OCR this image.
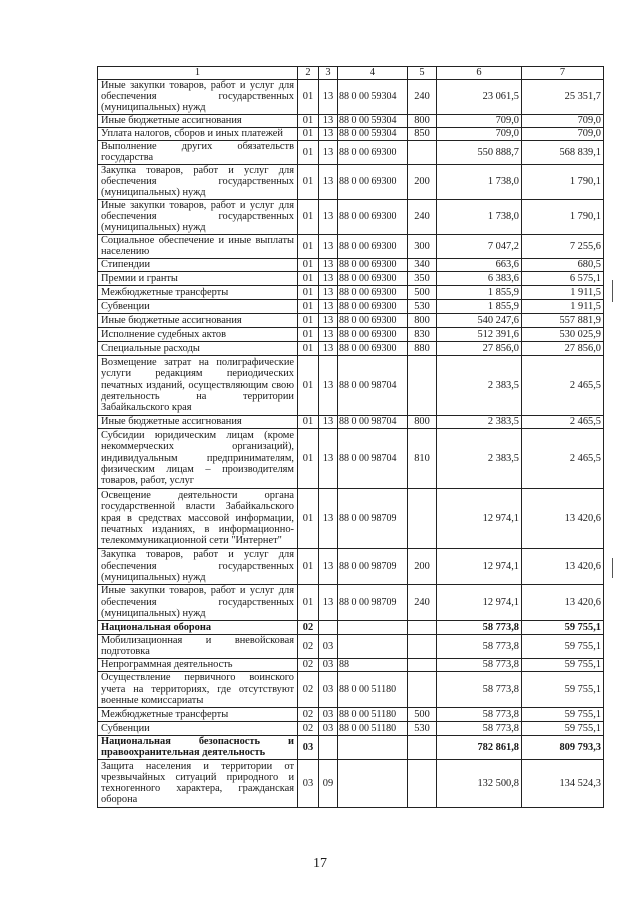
1	2	3	4	5	6	7
Иные закупки товаров, работ и услуг для обеспечения государственных (муниципальных) нужд	01	13	88 0 00 59304	240	23 061,5	25 351,7
Иные бюджетные ассигнования	01	13	88 0 00 59304	800	709,0	709,0
Уплата налогов, сборов и иных платежей	01	13	88 0 00 59304	850	709,0	709,0
Выполнение других обязательств государства	01	13	88 0 00 69300		550 888,7	568 839,1
Закупка товаров, работ и услуг для обеспечения государственных (муниципальных) нужд	01	13	88 0 00 69300	200	1 738,0	1 790,1
Иные закупки товаров, работ и услуг для обеспечения государственных (муниципальных) нужд	01	13	88 0 00 69300	240	1 738,0	1 790,1
Социальное обеспечение и иные выплаты населению	01	13	88 0 00 69300	300	7 047,2	7 255,6
Стипендии	01	13	88 0 00 69300	340	663,6	680,5
Премии и гранты	01	13	88 0 00 69300	350	6 383,6	6 575,1
Межбюджетные трансферты	01	13	88 0 00 69300	500	1 855,9	1 911,5
Субвенции	01	13	88 0 00 69300	530	1 855,9	1 911,5
Иные бюджетные ассигнования	01	13	88 0 00 69300	800	540 247,6	557 881,9
Исполнение судебных актов	01	13	88 0 00 69300	830	512 391,6	530 025,9
Специальные расходы	01	13	88 0 00 69300	880	27 856,0	27 856,0
Возмещение затрат на полиграфические услуги редакциям периодических печатных изданий, осуществляющим свою деятельность на территории Забайкальского края	01	13	88 0 00 98704		2 383,5	2 465,5
Иные бюджетные ассигнования	01	13	88 0 00 98704	800	2 383,5	2 465,5
Субсидии юридическим лицам (кроме некоммерческих организаций), индивидуальным предпринимателям, физическим лицам – производителям товаров, работ, услуг	01	13	88 0 00 98704	810	2 383,5	2 465,5
Освещение деятельности органа государственной власти Забайкальского края в средствах массовой информации, печатных изданиях, в информационно-телекоммуникационной сети "Интернет"	01	13	88 0 00 98709		12 974,1	13 420,6
Закупка товаров, работ и услуг для обеспечения государственных (муниципальных) нужд	01	13	88 0 00 98709	200	12 974,1	13 420,6
Иные закупки товаров, работ и услуг для обеспечения государственных (муниципальных) нужд	01	13	88 0 00 98709	240	12 974,1	13 420,6
Национальная оборона	02				58 773,8	59 755,1
Мобилизационная и вневойсковая подготовка	02	03			58 773,8	59 755,1
Непрограммная деятельность	02	03	88		58 773,8	59 755,1
Осуществление первичного воинского учета на территориях, где отсутствуют военные комиссариаты	02	03	88 0 00 51180		58 773,8	59 755,1
Межбюджетные трансферты	02	03	88 0 00 51180	500	58 773,8	59 755,1
Субвенции	02	03	88 0 00 51180	530	58 773,8	59 755,1
Национальная безопасность и правоохранительная деятельность	03				782 861,8	809 793,3
Защита населения и территории от чрезвычайных ситуаций природного и техногенного характера, гражданская оборона	03	09			132 500,8	134 524,3
17
